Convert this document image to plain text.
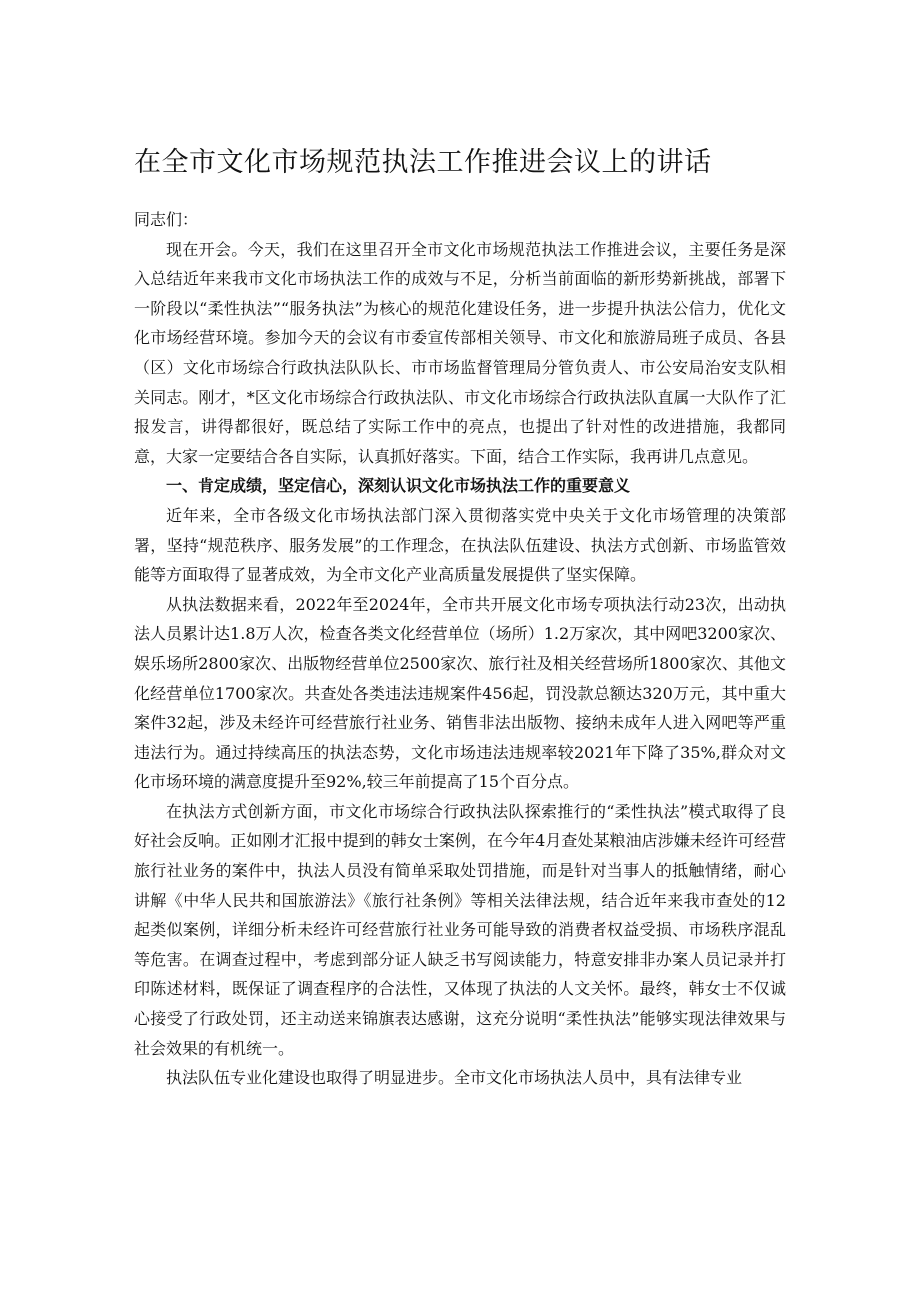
在全市文化市场规范执法工作推进会议上的讲话

同志们：

现在开会。今天，我们在这里召开全市文化市场规范执法工作推进会议，主要任务是深入总结近年来我市文化市场执法工作的成效与不足，分析当前面临的新形势新挑战，部署下一阶段以“柔性执法”“服务执法”为核心的规范化建设任务，进一步提升执法公信力，优化文化市场经营环境。参加今天的会议有市委宣传部相关领导、市文化和旅游局班子成员、各县（区）文化市场综合行政执法队队长、市市场监督管理局分管负责人、市公安局治安支队相关同志。刚才，*区文化市场综合行政执法队、市文化市场综合行政执法队直属一大队作了汇报发言，讲得都很好，既总结了实际工作中的亮点，也提出了针对性的改进措施，我都同意，大家一定要结合各自实际，认真抓好落实。下面，结合工作实际，我再讲几点意见。

一、肯定成绩，坚定信心，深刻认识文化市场执法工作的重要意义

近年来，全市各级文化市场执法部门深入贯彻落实党中央关于文化市场管理的决策部署，坚持“规范秩序、服务发展”的工作理念，在执法队伍建设、执法方式创新、市场监管效能等方面取得了显著成效，为全市文化产业高质量发展提供了坚实保障。

从执法数据来看，2022年至2024年，全市共开展文化市场专项执法行动23次，出动执法人员累计达1.8万人次，检查各类文化经营单位（场所）1.2万家次，其中网吧3200家次、娱乐场所2800家次、出版物经营单位2500家次、旅行社及相关经营场所1800家次、其他文化经营单位1700家次。共查处各类违法违规案件456起，罚没款总额达320万元，其中重大案件32起，涉及未经许可经营旅行社业务、销售非法出版物、接纳未成年人进入网吧等严重违法行为。通过持续高压的执法态势，文化市场违法违规率较2021年下降了35%,群众对文化市场环境的满意度提升至92%,较三年前提高了15个百分点。

在执法方式创新方面，市文化市场综合行政执法队探索推行的“柔性执法”模式取得了良好社会反响。正如刚才汇报中提到的韩女士案例，在今年4月查处某粮油店涉嫌未经许可经营旅行社业务的案件中，执法人员没有简单采取处罚措施，而是针对当事人的抵触情绪，耐心讲解《中华人民共和国旅游法》《旅行社条例》等相关法律法规，结合近年来我市查处的12起类似案例，详细分析未经许可经营旅行社业务可能导致的消费者权益受损、市场秩序混乱等危害。在调查过程中，考虑到部分证人缺乏书写阅读能力，特意安排非办案人员记录并打印陈述材料，既保证了调查程序的合法性，又体现了执法的人文关怀。最终，韩女士不仅诚心接受了行政处罚，还主动送来锦旗表达感谢，这充分说明“柔性执法”能够实现法律效果与社会效果的有机统一。

执法队伍专业化建设也取得了明显进步。全市文化市场执法人员中，具有法律专业
